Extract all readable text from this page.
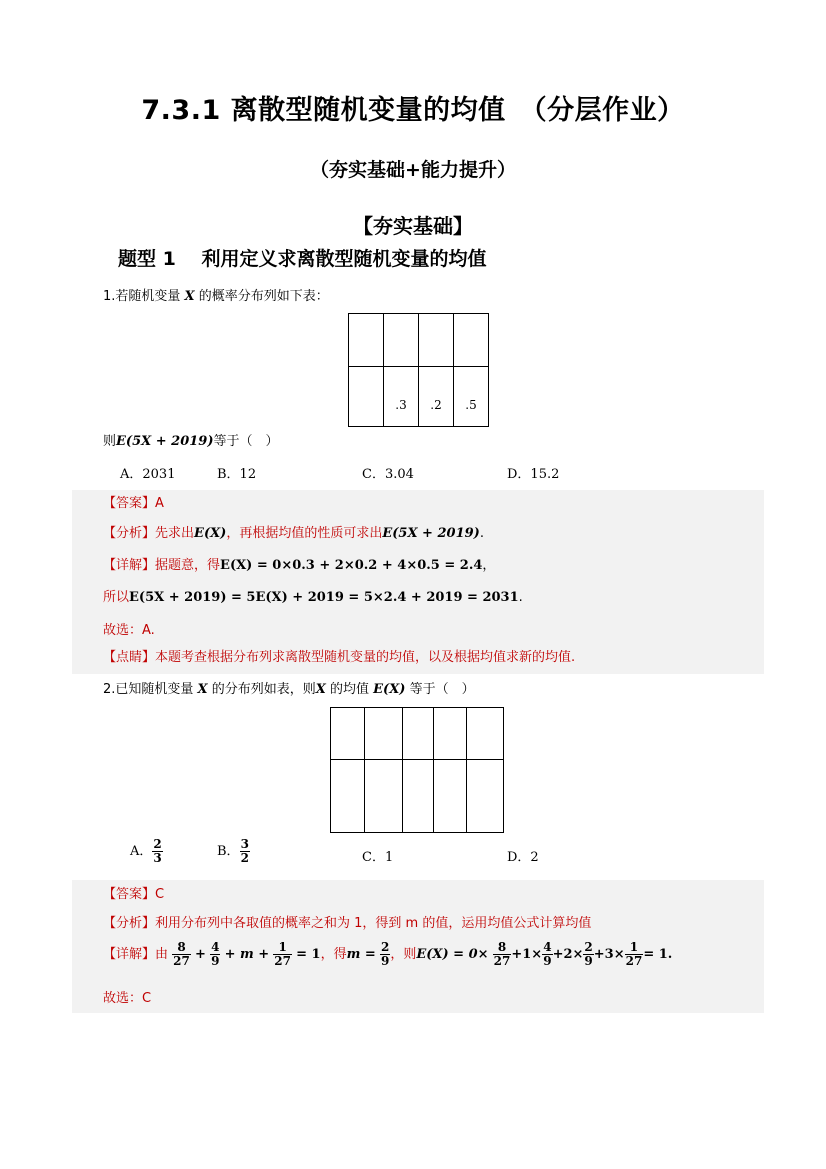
7.3.1 离散型随机变量的均值　（分层作业）
（夯实基础+能力提升）
【夯实基础】
题型 1　 利用定义求离散型随机变量的均值
1.若随机变量 X 的概率分布列如下表：

	.3	.2	.5
则E(5X + 2019)等于（　）
A．2031	B．12	C．3.04	D．15.2
【答案】A
【分析】先求出E(X)，再根据均值的性质可求出E(5X + 2019).
【详解】据题意，得E(X) = 0×0.3 + 2×0.2 + 4×0.5 = 2.4，
所以E(5X + 2019) = 5E(X) + 2019 = 5×2.4 + 2019 = 2031.
故选：A.
【点睛】本题考查根据分布列求离散型随机变量的均值，以及根据均值求新的均值.
2.已知随机变量 X 的分布列如表，则X 的均值 E(X) 等于（　）

A． $\frac{2}{3}$	B． $\frac{3}{2}$	C．1	D．2
【答案】C
【分析】利用分布列中各取值的概率之和为 1，得到 m 的值，运用均值公式计算均值
【详解】由 $\frac{8}{27} + \frac{4}{9} + m + \frac{1}{27} = 1$，得$m = \frac{2}{9}$ ，则$E(X) = 0\times \frac{8}{27} +1\times \frac{4}{9} +2\times \frac{2}{9} +3\times \frac{1}{27} = 1$.
故选：C
